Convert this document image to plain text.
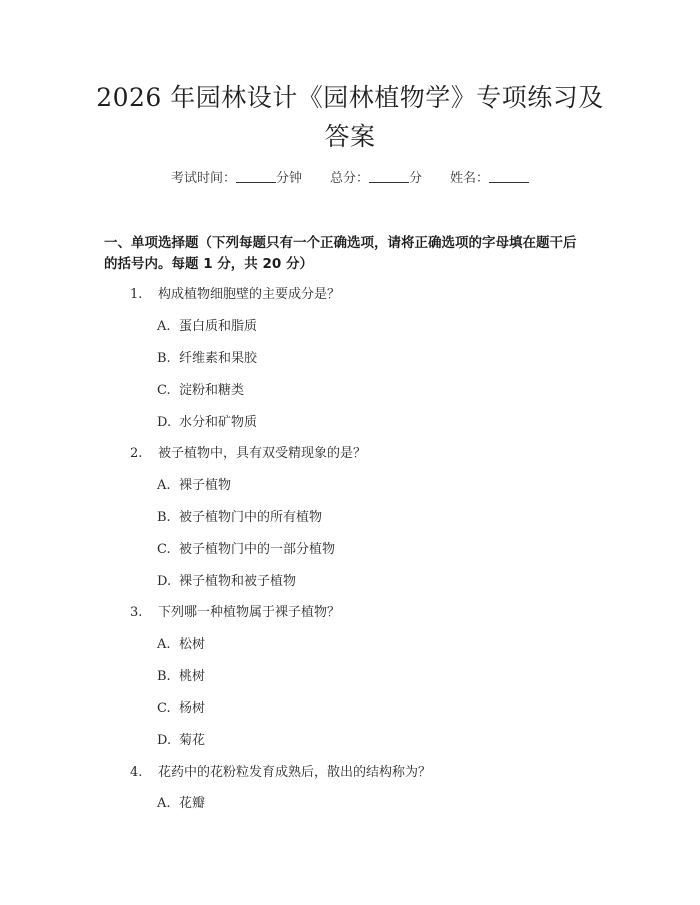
2026 年园林设计《园林植物学》专项练习及
答案
考试时间：	分钟 总分：	分 姓名：
一、单项选择题（下列每题只有一个正确选项，请将正确选项的字母填在题干后
的括号内。每题 1 分，共 20 分）
1. 构成植物细胞壁的主要成分是？
A. 蛋白质和脂质
B. 纤维素和果胶
C. 淀粉和糖类
D. 水分和矿物质
2. 被子植物中，具有双受精现象的是？
A. 裸子植物
B. 被子植物门中的所有植物
C. 被子植物门中的一部分植物
D. 裸子植物和被子植物
3. 下列哪一种植物属于裸子植物？
A. 松树
B. 桃树
C. 杨树
D. 菊花
4. 花药中的花粉粒发育成熟后，散出的结构称为？
A. 花瓣
